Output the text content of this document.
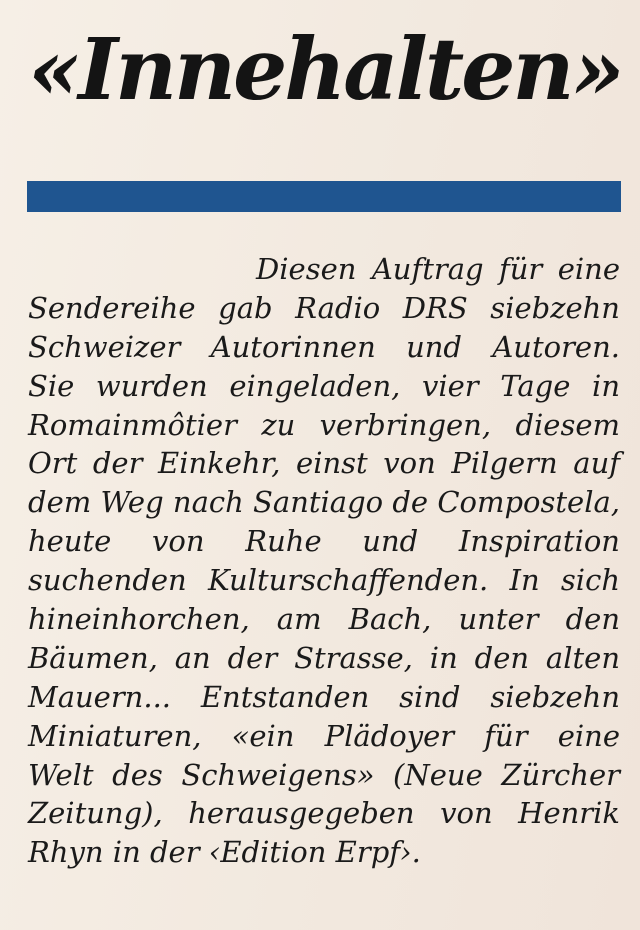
«Innehalten»
Diesen Auftrag für eine
Sendereihe gab Radio DRS siebzehn
Schweizer Autorinnen und Autoren.
Sie wurden eingeladen, vier Tage in
Romainmôtier zu verbringen, diesem
Ort der Einkehr, einst von Pilgern auf
dem Weg nach Santiago de Compostela,
heute von Ruhe und Inspiration
suchenden Kulturschaffenden. In sich
hineinhorchen, am Bach, unter den
Bäumen, an der Strasse, in den alten
Mauern... Entstanden sind siebzehn
Miniaturen, «ein Plädoyer für eine
Welt des Schweigens» (Neue Zürcher
Zeitung), herausgegeben von Henrik
Rhyn in der ‹Edition Erpf›.
